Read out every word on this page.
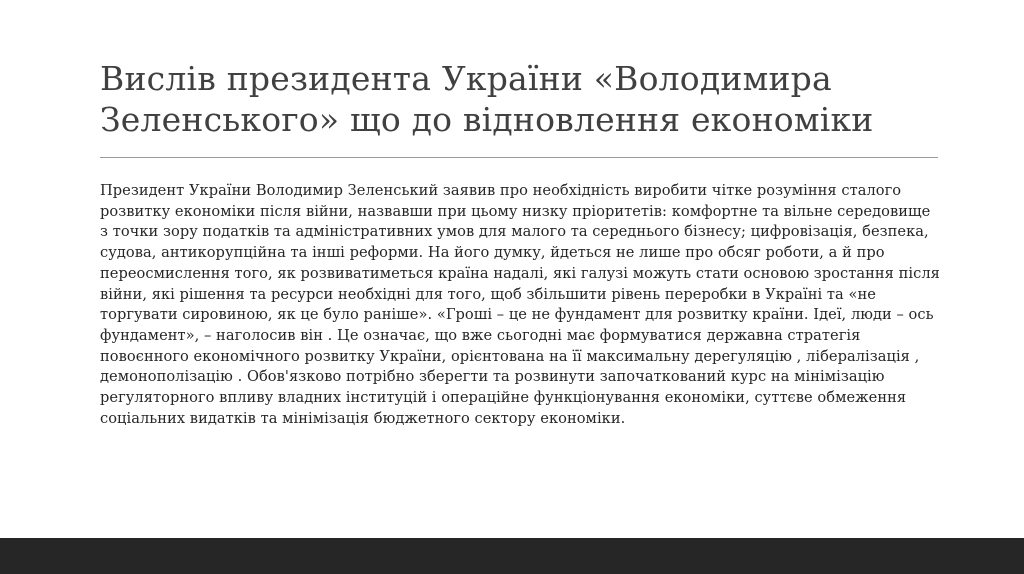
Вислів президента України «Володимира Зеленського» що до відновлення економіки

Президент України Володимир Зеленський заявив про необхідність виробити чітке розуміння сталого розвитку економіки після війни, назвавши при цьому низку пріоритетів: комфортне та вільне середовище з точки зору податків та адміністративних умов для малого та середнього бізнесу; цифровізація, безпека, судова, антикорупційна та інші реформи. На його думку, йдеться не лише про обсяг роботи, а й про переосмислення того, як розвиватиметься країна надалі, які галузі можуть стати основою зростання після війни, які рішення та ресурси необхідні для того, щоб збільшити рівень переробки в Україні та «не торгувати сировиною, як це було раніше». «Гроші – це не фундамент для розвитку країни. Ідеї, люди – ось фундамент», – наголосив він . Це означає, що вже сьогодні має формуватися державна стратегія повоєнного економічного розвитку України, орієнтована на її максимальну дерегуляцію , лібералізація , демонополізацію . Обов'язково потрібно зберегти та розвинути започаткований курс на мінімізацію регуляторного впливу владних інституцій і операційне функціонування економіки, суттєве обмеження соціальних видатків та мінімізація бюджетного сектору економіки.
